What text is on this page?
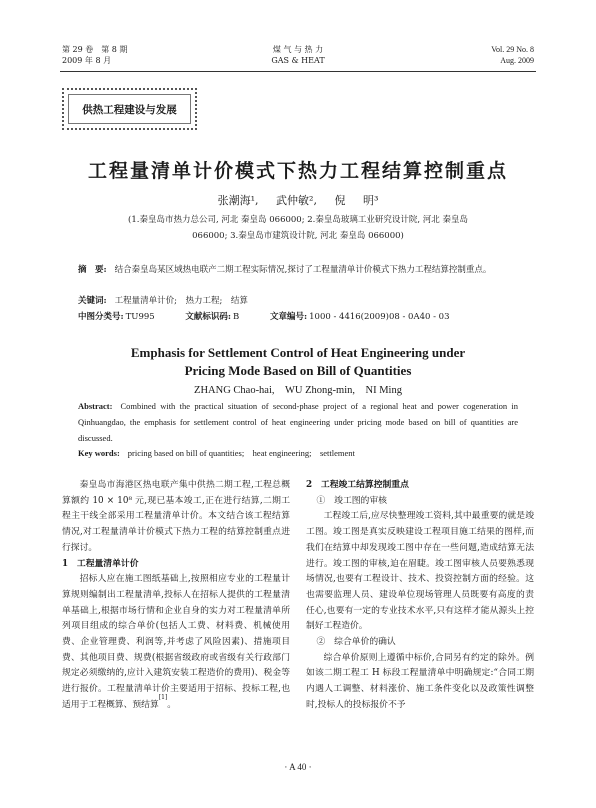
第 29 卷　第 8 期
2009 年 8 月
煤 气 与 热 力
GAS & HEAT
Vol. 29 No. 8
Aug. 2009
供热工程建设与发展
工程量清单计价模式下热力工程结算控制重点
张潮海¹, 武仲敏², 倪 明³
(1.秦皇岛市热力总公司, 河北 秦皇岛 066000; 2.秦皇岛玻璃工业研究设计院, 河北 秦皇岛 066000; 3.秦皇岛市建筑设计院, 河北 秦皇岛 066000)
摘　要: 结合秦皇岛某区域热电联产二期工程实际情况,探讨了工程量清单计价模式下热力工程结算控制重点。
关键词: 工程量清单计价;　热力工程;　结算
中图分类号: TU995	文献标识码: B	文章编号: 1000 - 4416(2009)08 - 0A40 - 03
Emphasis for Settlement Control of Heat Engineering under
Pricing Mode Based on Bill of Quantities
ZHANG Chao-hai,　WU Zhong-min,　NI Ming
Abstract: Combined with the practical situation of second-phase project of a regional heat and power cogeneration in Qinhuangdao, the emphasis for settlement control of heat engineering under pricing mode based on bill of quantities are discussed.
Key words: pricing based on bill of quantities;　heat engineering;　settlement

秦皇岛市海港区热电联产集中供热二期工程,工程总概算额约 10 × 10⁸ 元,现已基本竣工,正在进行结算,二期工程主干线全部采用工程量清单计价。本文结合该工程结算情况,对工程量清单计价模式下热力工程的结算控制重点进行探讨。

1　工程量清单计价

招标人应在施工图纸基础上,按照相应专业的工程量计算规则编制出工程量清单,投标人在招标人提供的工程量清单基础上,根据市场行情和企业自身的实力对工程量清单所列项目组成的综合单价(包括人工费、材料费、机械使用费、企业管理费、利润等,并考虑了风险因素)、措施项目费、其他项目费、规费(根据省级政府或省级有关行政部门规定必须缴纳的,应计入建筑安装工程造价的费用)、税金等进行报价。工程量清单计价主要适用于招标、投标工程,也适用于工程概算、预结算[1]。

2　工程竣工结算控制重点

①　竣工图的审核

工程竣工后,应尽快整理竣工资料,其中最重要的就是竣工图。竣工图是真实反映建设工程项目施工结果的图样,而我们在结算中却发现竣工图中存在一些问题,造成结算无法进行。竣工图的审核,迫在眉睫。竣工图审核人员要熟悉现场情况,也要有工程设计、技术、投资控制方面的经验。这也需要监理人员、建设单位现场管理人员既要有高度的责任心,也要有一定的专业技术水平,只有这样才能从源头上控制好工程造价。

②　综合单价的确认

综合单价原则上遵循中标价,合同另有约定的除外。例如该二期工程工 H 标段工程量清单中明确规定:“合同工期内遇人工调整、材料涨价、施工条件变化以及政策性调整时,投标人的投标报价不予

· A 40 ·
